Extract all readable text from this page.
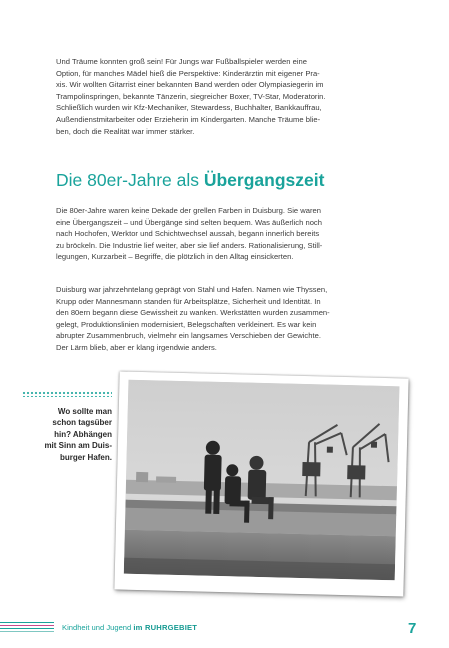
Und Träume konnten groß sein! Für Jungs war Fußballspieler werden eine
Option, für manches Mädel hieß die Perspektive: Kinderärztin mit eigener Pra-
xis. Wir wollten Gitarrist einer bekannten Band werden oder Olympiasiegerin im
Trampolinspringen, bekannte Tänzerin, siegreicher Boxer, TV-Star, Moderatorin.
Schließlich wurden wir Kfz-Mechaniker, Stewardess, Buchhalter, Bankkauffrau,
Außendienstmitarbeiter oder Erzieherin im Kindergarten. Manche Träume blie-
ben, doch die Realität war immer stärker.

Die 80er-Jahre als Übergangszeit

Die 80er-Jahre waren keine Dekade der grellen Farben in Duisburg. Sie waren
eine Übergangszeit – und Übergänge sind selten bequem. Was äußerlich noch
nach Hochofen, Werktor und Schichtwechsel aussah, begann innerlich bereits
zu bröckeln. Die Industrie lief weiter, aber sie lief anders. Rationalisierung, Still-
legungen, Kurzarbeit – Begriffe, die plötzlich in den Alltag einsickerten.

Duisburg war jahrzehntelang geprägt von Stahl und Hafen. Namen wie Thyssen,
Krupp oder Mannesmann standen für Arbeitsplätze, Sicherheit und Identität. In
den 80ern begann diese Gewissheit zu wanken. Werkstätten wurden zusammen-
gelegt, Produktionslinien modernisiert, Belegschaften verkleinert. Es war kein
abrupter Zusammenbruch, vielmehr ein langsames Verschieben der Gewichte.
Der Lärm blieb, aber er klang irgendwie anders.

Wo sollte man
schon tagsüber
hin? Abhängen
mit Sinn am Duis-
burger Hafen.
Kindheit und Jugend im RUHRGEBIET	7
